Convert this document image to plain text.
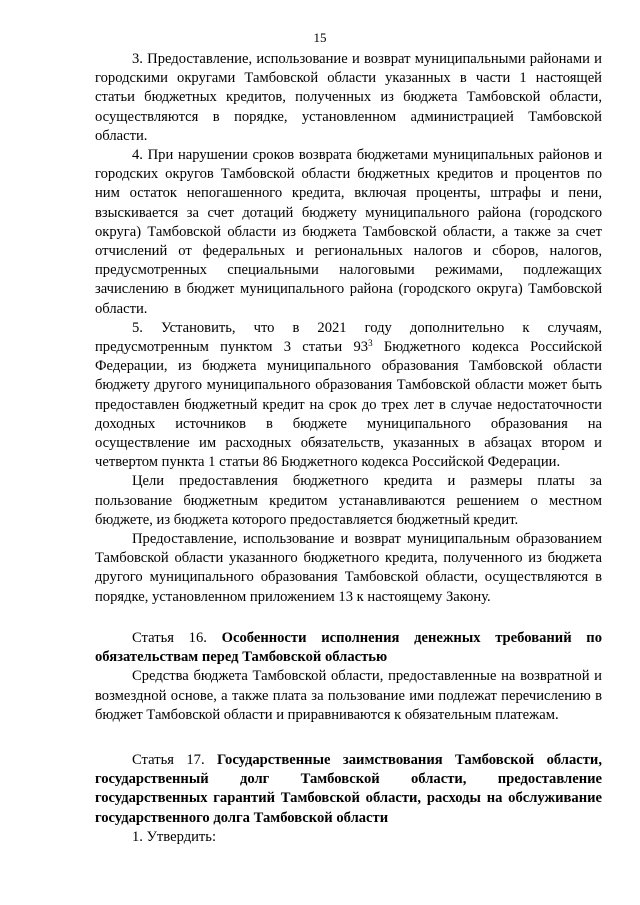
15

3. Предоставление, использование и возврат муниципальными районами и городскими округами Тамбовской области указанных в части 1 настоящей статьи бюджетных кредитов, полученных из бюджета Тамбовской области, осуществляются в порядке, установленном администрацией Тамбовской области.

4. При нарушении сроков возврата бюджетами муниципальных районов и городских округов Тамбовской области бюджетных кредитов и процентов по ним остаток непогашенного кредита, включая проценты, штрафы и пени, взыскивается за счет дотаций бюджету муниципального района (городского округа) Тамбовской области из бюджета Тамбовской области, а также за счет отчислений от федеральных и региональных налогов и сборов, налогов, предусмотренных специальными налоговыми режимами, подлежащих зачислению в бюджет муниципального района (городского округа) Тамбовской области.

5. Установить, что в 2021 году дополнительно к случаям, предусмотренным пунктом 3 статьи $93^3$ Бюджетного кодекса Российской Федерации, из бюджета муниципального образования Тамбовской области бюджету другого муниципального образования Тамбовской области может быть предоставлен бюджетный кредит на срок до трех лет в случае недостаточности доходных источников в бюджете муниципального образования на осуществление им расходных обязательств, указанных в абзацах втором и четвертом пункта 1 статьи 86 Бюджетного кодекса Российской Федерации.

Цели предоставления бюджетного кредита и размеры платы за пользование бюджетным кредитом устанавливаются решением о местном бюджете, из бюджета которого предоставляется бюджетный кредит.

Предоставление, использование и возврат муниципальным образованием Тамбовской области указанного бюджетного кредита, полученного из бюджета другого муниципального образования Тамбовской области, осуществляются в порядке, установленном приложением 13 к настоящему Закону.

Статья 16. Особенности исполнения денежных требований по обязательствам перед Тамбовской областью

Средства бюджета Тамбовской области, предоставленные на возвратной и возмездной основе, а также плата за пользование ими подлежат перечислению в бюджет Тамбовской области и приравниваются к обязательным платежам.

Статья 17. Государственные заимствования Тамбовской области, государственный долг Тамбовской области, предоставление государственных гарантий Тамбовской области, расходы на обслуживание государственного долга Тамбовской области

1. Утвердить:
